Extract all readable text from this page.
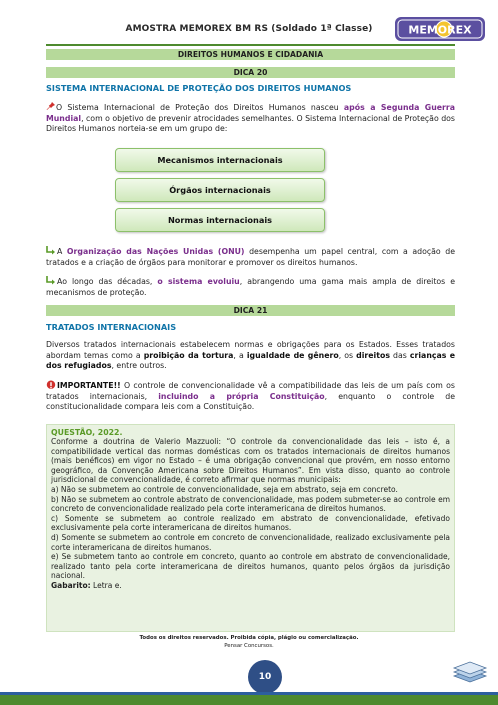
AMOSTRA MEMOREX BM RS (Soldado 1ª Classe)	MEMOREX
DIREITOS HUMANOS E CIDADANIA
DICA 20
SISTEMA INTERNACIONAL DE PROTEÇÃO DOS DIREITOS HUMANOS
O Sistema Internacional de Proteção dos Direitos Humanos nasceu após a Segunda Guerra Mundial, com o objetivo de prevenir atrocidades semelhantes. O Sistema Internacional de Proteção dos Direitos Humanos norteia-se em um grupo de:
Mecanismos internacionais
Órgãos internacionais
Normas internacionais
A Organização das Nações Unidas (ONU) desempenha um papel central, com a adoção de tratados e a criação de órgãos para monitorar e promover os direitos humanos.
Ao longo das décadas, o sistema evoluiu, abrangendo uma gama mais ampla de direitos e mecanismos de proteção.
DICA 21
TRATADOS INTERNACIONAIS
Diversos tratados internacionais estabelecem normas e obrigações para os Estados. Esses tratados abordam temas como a proibição da tortura, a igualdade de gênero, os direitos das crianças e dos refugiados, entre outros.
IMPORTANTE!! O controle de convencionalidade vê a compatibilidade das leis de um país com os tratados internacionais, incluindo a própria Constituição, enquanto o controle de constitucionalidade compara leis com a Constituição.
QUESTÃO, 2022.
Conforme a doutrina de Valerio Mazzuoli: “O controle da convencionalidade das leis – isto é, a compatibilidade vertical das normas domésticas com os tratados internacionais de direitos humanos (mais benéficos) em vigor no Estado – é uma obrigação convencional que provém, em nosso entorno geográfico, da Convenção Americana sobre Direitos Humanos”. Em vista disso, quanto ao controle jurisdicional de convencionalidade, é correto afirmar que normas municipais:
a) Não se submetem ao controle de convencionalidade, seja em abstrato, seja em concreto.
b) Não se submetem ao controle abstrato de convencionalidade, mas podem submeter-se ao controle em concreto de convencionalidade realizado pela corte interamericana de direitos humanos.
c) Somente se submetem ao controle realizado em abstrato de convencionalidade, efetivado exclusivamente pela corte interamericana de direitos humanos.
d) Somente se submetem ao controle em concreto de convencionalidade, realizado exclusivamente pela corte interamericana de direitos humanos.
e) Se submetem tanto ao controle em concreto, quanto ao controle em abstrato de convencionalidade, realizado tanto pela corte interamericana de direitos humanos, quanto pelos órgãos da jurisdição nacional.
Gabarito: Letra e.
Todos os direitos reservados. Proibida cópia, plágio ou comercialização.
Pensar Concursos.
10
